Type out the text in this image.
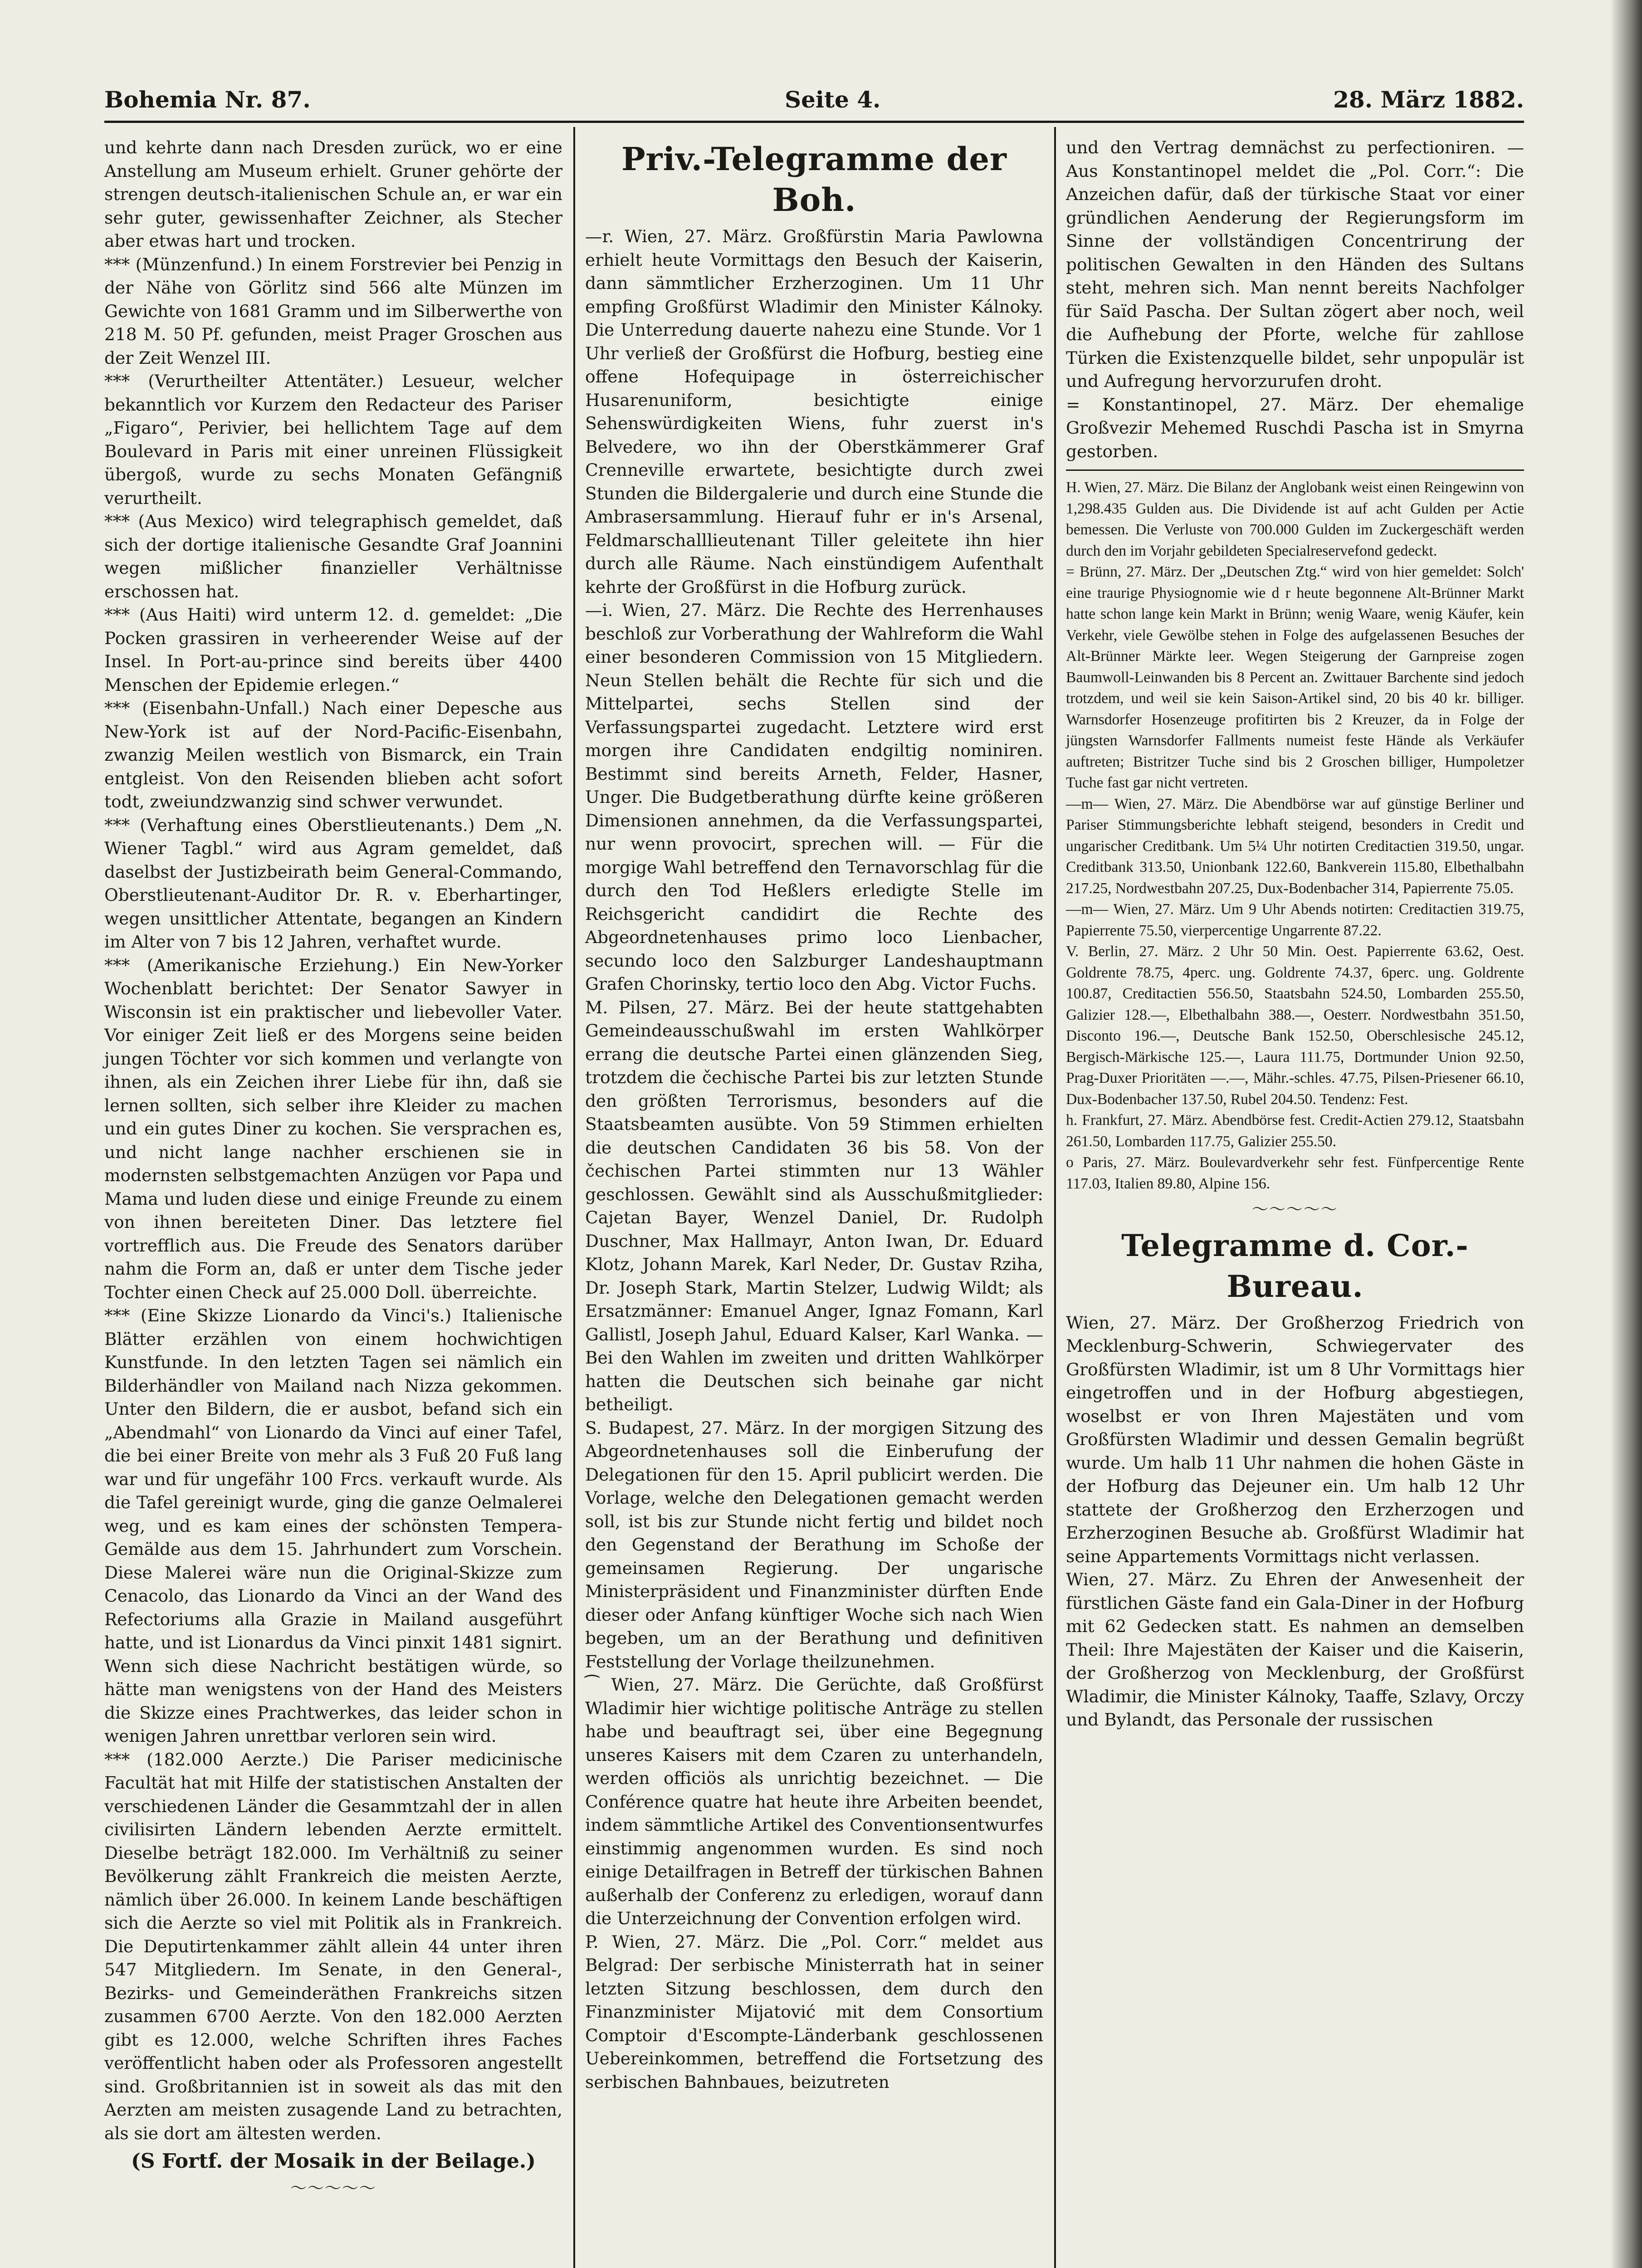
Bohemia Nr. 87.	Seite 4.	28. März 1882.

und kehrte dann nach Dresden zurück, wo er eine Anstellung am Museum erhielt. Gruner gehörte der strengen deutsch-italienischen Schule an, er war ein sehr guter, gewissenhafter Zeichner, als Stecher aber etwas hart und trocken.

*** (Münzenfund.) In einem Forstrevier bei Penzig in der Nähe von Görlitz sind 566 alte Münzen im Gewichte von 1681 Gramm und im Silberwerthe von 218 M. 50 Pf. gefunden, meist Prager Groschen aus der Zeit Wenzel III.

*** (Verurtheilter Attentäter.) Lesueur, welcher bekanntlich vor Kurzem den Redacteur des Pariser „Figaro“, Perivier, bei hellichtem Tage auf dem Boulevard in Paris mit einer unreinen Flüssigkeit übergoß, wurde zu sechs Monaten Gefängniß verurtheilt.

*** (Aus Mexico) wird telegraphisch gemeldet, daß sich der dortige italienische Gesandte Graf Joannini wegen mißlicher finanzieller Verhältnisse erschossen hat.

*** (Aus Haiti) wird unterm 12. d. gemeldet: „Die Pocken grassiren in verheerender Weise auf der Insel. In Port-au-prince sind bereits über 4400 Menschen der Epidemie erlegen.“

*** (Eisenbahn-Unfall.) Nach einer Depesche aus New-York ist auf der Nord-Pacific-Eisenbahn, zwanzig Meilen westlich von Bismarck, ein Train entgleist. Von den Reisenden blieben acht sofort todt, zweiundzwanzig sind schwer verwundet.

*** (Verhaftung eines Oberstlieutenants.) Dem „N. Wiener Tagbl.“ wird aus Agram gemeldet, daß daselbst der Justizbeirath beim General-Commando, Oberstlieutenant-Auditor Dr. R. v. Eberhartinger, wegen unsittlicher Attentate, begangen an Kindern im Alter von 7 bis 12 Jahren, verhaftet wurde.

*** (Amerikanische Erziehung.) Ein New-Yorker Wochenblatt berichtet: Der Senator Sawyer in Wisconsin ist ein praktischer und liebevoller Vater. Vor einiger Zeit ließ er des Morgens seine beiden jungen Töchter vor sich kommen und verlangte von ihnen, als ein Zeichen ihrer Liebe für ihn, daß sie lernen sollten, sich selber ihre Kleider zu machen und ein gutes Diner zu kochen. Sie versprachen es, und nicht lange nachher erschienen sie in modernsten selbstgemachten Anzügen vor Papa und Mama und luden diese und einige Freunde zu einem von ihnen bereiteten Diner. Das letztere fiel vortrefflich aus. Die Freude des Senators darüber nahm die Form an, daß er unter dem Tische jeder Tochter einen Check auf 25.000 Doll. überreichte.

*** (Eine Skizze Lionardo da Vinci's.) Italienische Blätter erzählen von einem hochwichtigen Kunstfunde. In den letzten Tagen sei nämlich ein Bilderhändler von Mailand nach Nizza gekommen. Unter den Bildern, die er ausbot, befand sich ein „Abendmahl“ von Lionardo da Vinci auf einer Tafel, die bei einer Breite von mehr als 3 Fuß 20 Fuß lang war und für ungefähr 100 Frcs. verkauft wurde. Als die Tafel gereinigt wurde, ging die ganze Oelmalerei weg, und es kam eines der schönsten Tempera-Gemälde aus dem 15. Jahrhundert zum Vorschein. Diese Malerei wäre nun die Original-Skizze zum Cenacolo, das Lionardo da Vinci an der Wand des Refectoriums alla Grazie in Mailand ausgeführt hatte, und ist Lionardus da Vinci pinxit 1481 signirt. Wenn sich diese Nachricht bestätigen würde, so hätte man wenigstens von der Hand des Meisters die Skizze eines Prachtwerkes, das leider schon in wenigen Jahren unrettbar verloren sein wird.

*** (182.000 Aerzte.) Die Pariser medicinische Facultät hat mit Hilfe der statistischen Anstalten der verschiedenen Länder die Gesammtzahl der in allen civilisirten Ländern lebenden Aerzte ermittelt. Dieselbe beträgt 182.000. Im Verhältniß zu seiner Bevölkerung zählt Frankreich die meisten Aerzte, nämlich über 26.000. In keinem Lande beschäftigen sich die Aerzte so viel mit Politik als in Frankreich. Die Deputirtenkammer zählt allein 44 unter ihren 547 Mitgliedern. Im Senate, in den General-, Bezirks- und Gemeinderäthen Frankreichs sitzen zusammen 6700 Aerzte. Von den 182.000 Aerzten gibt es 12.000, welche Schriften ihres Faches veröffentlicht haben oder als Professoren angestellt sind. Großbritannien ist in soweit als das mit den Aerzten am meisten zusagende Land zu betrachten, als sie dort am ältesten werden.

(S Fortf. der Mosaik in der Beilage.)

～～～～～
Priv.-Telegramme der Boh.

—r. Wien, 27. März. Großfürstin Maria Pawlowna erhielt heute Vormittags den Besuch der Kaiserin, dann sämmtlicher Erzherzoginen. Um 11 Uhr empfing Großfürst Wladimir den Minister Kálnoky. Die Unterredung dauerte nahezu eine Stunde. Vor 1 Uhr verließ der Großfürst die Hofburg, bestieg eine offene Hofequipage in österreichischer Husarenuniform, besichtigte einige Sehenswürdigkeiten Wiens, fuhr zuerst in's Belvedere, wo ihn der Oberstkämmerer Graf Crenneville erwartete, besichtigte durch zwei Stunden die Bildergalerie und durch eine Stunde die Ambrasersammlung. Hierauf fuhr er in's Arsenal, Feldmarschalllieutenant Tiller geleitete ihn hier durch alle Räume. Nach einstündigem Aufenthalt kehrte der Großfürst in die Hofburg zurück.

—i. Wien, 27. März. Die Rechte des Herrenhauses beschloß zur Vorberathung der Wahlreform die Wahl einer besonderen Commission von 15 Mitgliedern. Neun Stellen behält die Rechte für sich und die Mittelpartei, sechs Stellen sind der Verfassungspartei zugedacht. Letztere wird erst morgen ihre Candidaten endgiltig nominiren. Bestimmt sind bereits Arneth, Felder, Hasner, Unger. Die Budgetberathung dürfte keine größeren Dimensionen annehmen, da die Verfassungspartei, nur wenn provocirt, sprechen will. — Für die morgige Wahl betreffend den Ternavorschlag für die durch den Tod Heßlers erledigte Stelle im Reichsgericht candidirt die Rechte des Abgeordnetenhauses primo loco Lienbacher, secundo loco den Salzburger Landeshauptmann Grafen Chorinsky, tertio loco den Abg. Victor Fuchs.

M. Pilsen, 27. März. Bei der heute stattgehabten Gemeindeausschußwahl im ersten Wahlkörper errang die deutsche Partei einen glänzenden Sieg, trotzdem die čechische Partei bis zur letzten Stunde den größten Terrorismus, besonders auf die Staatsbeamten ausübte. Von 59 Stimmen erhielten die deutschen Candidaten 36 bis 58. Von der čechischen Partei stimmten nur 13 Wähler geschlossen. Gewählt sind als Ausschußmitglieder: Cajetan Bayer, Wenzel Daniel, Dr. Rudolph Duschner, Max Hallmayr, Anton Iwan, Dr. Eduard Klotz, Johann Marek, Karl Neder, Dr. Gustav Rziha, Dr. Joseph Stark, Martin Stelzer, Ludwig Wildt; als Ersatzmänner: Emanuel Anger, Ignaz Fomann, Karl Gallistl, Joseph Jahul, Eduard Kalser, Karl Wanka. — Bei den Wahlen im zweiten und dritten Wahlkörper hatten die Deutschen sich beinahe gar nicht betheiligt.

S. Budapest, 27. März. In der morgigen Sitzung des Abgeordnetenhauses soll die Einberufung der Delegationen für den 15. April publicirt werden. Die Vorlage, welche den Delegationen gemacht werden soll, ist bis zur Stunde nicht fertig und bildet noch den Gegenstand der Berathung im Schoße der gemeinsamen Regierung. Der ungarische Ministerpräsident und Finanzminister dürften Ende dieser oder Anfang künftiger Woche sich nach Wien begeben, um an der Berathung und definitiven Feststellung der Vorlage theilzunehmen.

⁀ Wien, 27. März. Die Gerüchte, daß Großfürst Wladimir hier wichtige politische Anträge zu stellen habe und beauftragt sei, über eine Begegnung unseres Kaisers mit dem Czaren zu unterhandeln, werden officiös als unrichtig bezeichnet. — Die Conférence quatre hat heute ihre Arbeiten beendet, indem sämmtliche Artikel des Conventionsentwurfes einstimmig angenommen wurden. Es sind noch einige Detailfragen in Betreff der türkischen Bahnen außerhalb der Conferenz zu erledigen, worauf dann die Unterzeichnung der Convention erfolgen wird.

P. Wien, 27. März. Die „Pol. Corr.“ meldet aus Belgrad: Der serbische Ministerrath hat in seiner letzten Sitzung beschlossen, dem durch den Finanzminister Mijatović mit dem Consortium Comptoir d'Escompte-Länderbank geschlossenen Uebereinkommen, betreffend die Fortsetzung des serbischen Bahnbaues, beizutreten

und den Vertrag demnächst zu perfectioniren. — Aus Konstantinopel meldet die „Pol. Corr.“: Die Anzeichen dafür, daß der türkische Staat vor einer gründlichen Aenderung der Regierungsform im Sinne der vollständigen Concentrirung der politischen Gewalten in den Händen des Sultans steht, mehren sich. Man nennt bereits Nachfolger für Saïd Pascha. Der Sultan zögert aber noch, weil die Aufhebung der Pforte, welche für zahllose Türken die Existenzquelle bildet, sehr unpopulär ist und Aufregung hervorzurufen droht.

= Konstantinopel, 27. März. Der ehemalige Großvezir Mehemed Ruschdi Pascha ist in Smyrna gestorben.

H. Wien, 27. März. Die Bilanz der Anglobank weist einen Reingewinn von 1,298.435 Gulden aus. Die Dividende ist auf acht Gulden per Actie bemessen. Die Verluste von 700.000 Gulden im Zuckergeschäft werden durch den im Vorjahr gebildeten Specialreservefond gedeckt.

= Brünn, 27. März. Der „Deutschen Ztg.“ wird von hier gemeldet: Solch' eine traurige Physiognomie wie d r heute begonnene Alt-Brünner Markt hatte schon lange kein Markt in Brünn; wenig Waare, wenig Käufer, kein Verkehr, viele Gewölbe stehen in Folge des aufgelassenen Besuches der Alt-Brünner Märkte leer. Wegen Steigerung der Garnpreise zogen Baumwoll-Leinwanden bis 8 Percent an. Zwittauer Barchente sind jedoch trotzdem, und weil sie kein Saison-Artikel sind, 20 bis 40 kr. billiger. Warnsdorfer Hosenzeuge profitirten bis 2 Kreuzer, da in Folge der jüngsten Warnsdorfer Fallments numeist feste Hände als Verkäufer auftreten; Bistritzer Tuche sind bis 2 Groschen billiger, Humpoletzer Tuche fast gar nicht vertreten.

—m— Wien, 27. März. Die Abendbörse war auf günstige Berliner und Pariser Stimmungsberichte lebhaft steigend, besonders in Credit und ungarischer Creditbank. Um 5¼ Uhr notirten Creditactien 319.50, ungar. Creditbank 313.50, Unionbank 122.60, Bankverein 115.80, Elbethalbahn 217.25, Nordwestbahn 207.25, Dux-Bodenbacher 314, Papierrente 75.05.

—m— Wien, 27. März. Um 9 Uhr Abends notirten: Creditactien 319.75, Papierrente 75.50, vierpercentige Ungarrente 87.22.

V. Berlin, 27. März. 2 Uhr 50 Min. Oest. Papierrente 63.62, Oest. Goldrente 78.75, 4perc. ung. Goldrente 74.37, 6perc. ung. Goldrente 100.87, Creditactien 556.50, Staatsbahn 524.50, Lombarden 255.50, Galizier 128.—, Elbethalbahn 388.—, Oesterr. Nordwestbahn 351.50, Disconto 196.—, Deutsche Bank 152.50, Oberschlesische 245.12, Bergisch-Märkische 125.—, Laura 111.75, Dortmunder Union 92.50, Prag-Duxer Prioritäten —.—, Mähr.-schles. 47.75, Pilsen-Priesener 66.10, Dux-Bodenbacher 137.50, Rubel 204.50. Tendenz: Fest.

h. Frankfurt, 27. März. Abendbörse fest. Credit-Actien 279.12, Staatsbahn 261.50, Lombarden 117.75, Galizier 255.50.

o Paris, 27. März. Boulevardverkehr sehr fest. Fünfpercentige Rente 117.03, Italien 89.80, Alpine 156.

～～～～～
Telegramme d. Cor.-Bureau.

Wien, 27. März. Der Großherzog Friedrich von Mecklenburg-Schwerin, Schwiegervater des Großfürsten Wladimir, ist um 8 Uhr Vormittags hier eingetroffen und in der Hofburg abgestiegen, woselbst er von Ihren Majestäten und vom Großfürsten Wladimir und dessen Gemalin begrüßt wurde. Um halb 11 Uhr nahmen die hohen Gäste in der Hofburg das Dejeuner ein. Um halb 12 Uhr stattete der Großherzog den Erzherzogen und Erzherzoginen Besuche ab. Großfürst Wladimir hat seine Appartements Vormittags nicht verlassen.

Wien, 27. März. Zu Ehren der Anwesenheit der fürstlichen Gäste fand ein Gala-Diner in der Hofburg mit 62 Gedecken statt. Es nahmen an demselben Theil: Ihre Majestäten der Kaiser und die Kaiserin, der Großherzog von Mecklenburg, der Großfürst Wladimir, die Minister Kálnoky, Taaffe, Szlavy, Orczy und Bylandt, das Personale der russischen
